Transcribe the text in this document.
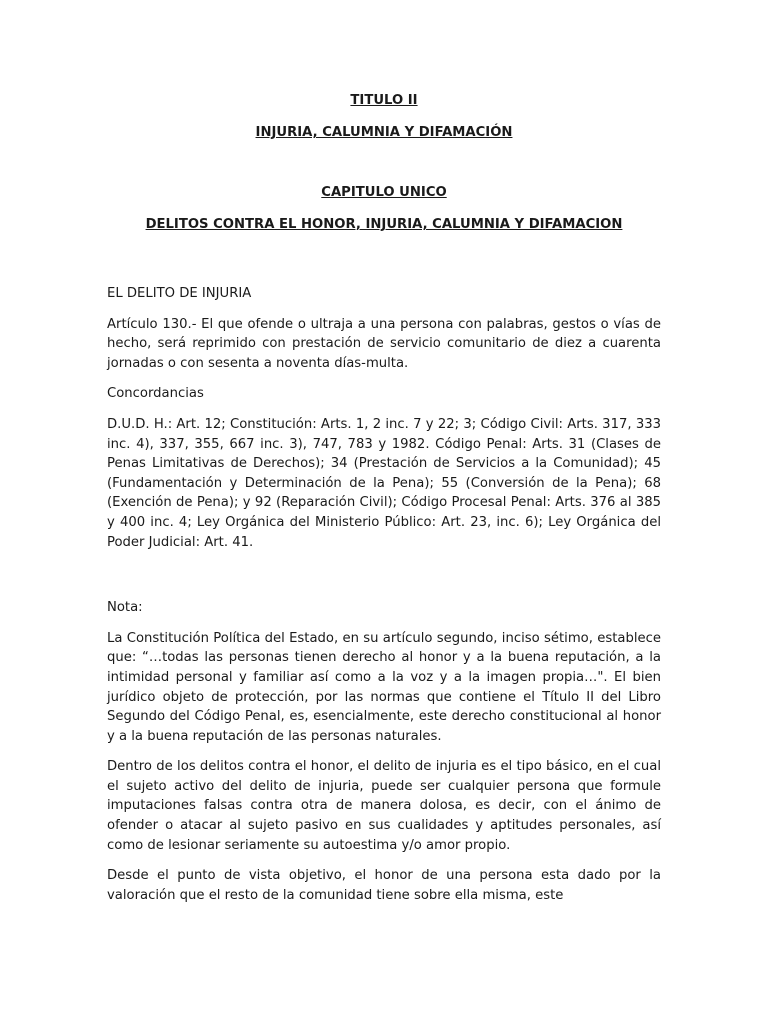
TITULO II

INJURIA, CALUMNIA Y DIFAMACIÓN

CAPITULO UNICO

DELITOS CONTRA EL HONOR, INJURIA, CALUMNIA Y DIFAMACION

EL DELITO DE INJURIA

Artículo 130.- El que ofende o ultraja a una persona con palabras, gestos o vías de hecho, será reprimido con prestación de servicio comunitario de diez a cuarenta jornadas o con sesenta a noventa días-multa.

Concordancias

D.U.D. H.: Art. 12; Constitución: Arts. 1, 2 inc. 7 y 22; 3; Código Civil: Arts. 317, 333 inc. 4), 337, 355, 667 inc. 3), 747, 783 y 1982. Código Penal: Arts. 31 (Clases de Penas Limitativas de Derechos); 34 (Prestación de Servicios a la Comunidad); 45 (Fundamentación y Determinación de la Pena); 55 (Conversión de la Pena); 68 (Exención de Pena); y 92 (Reparación Civil); Código Procesal Penal: Arts. 376 al 385 y 400 inc. 4; Ley Orgánica del Ministerio Público: Art. 23, inc. 6); Ley Orgánica del Poder Judicial: Art. 41.

Nota:

La Constitución Política del Estado, en su artículo segundo, inciso sétimo, establece que: “…todas las personas tienen derecho al honor y a la buena reputación, a la intimidad personal y familiar así como a la voz y a la imagen propia…". El bien jurídico objeto de protección, por las normas que contiene el Título II del Libro Segundo del Código Penal, es, esencialmente, este derecho constitucional al honor y a la buena reputación de las personas naturales.

Dentro de los delitos contra el honor, el delito de injuria es el tipo básico, en el cual el sujeto activo del delito de injuria, puede ser cualquier persona que formule imputaciones falsas contra otra de manera dolosa, es decir, con el ánimo de ofender o atacar al sujeto pasivo en sus cualidades y aptitudes personales, así como de lesionar seriamente su autoestima y/o amor propio.

Desde el punto de vista objetivo, el honor de una persona esta dado por la valoración que el resto de la comunidad tiene sobre ella misma, este
